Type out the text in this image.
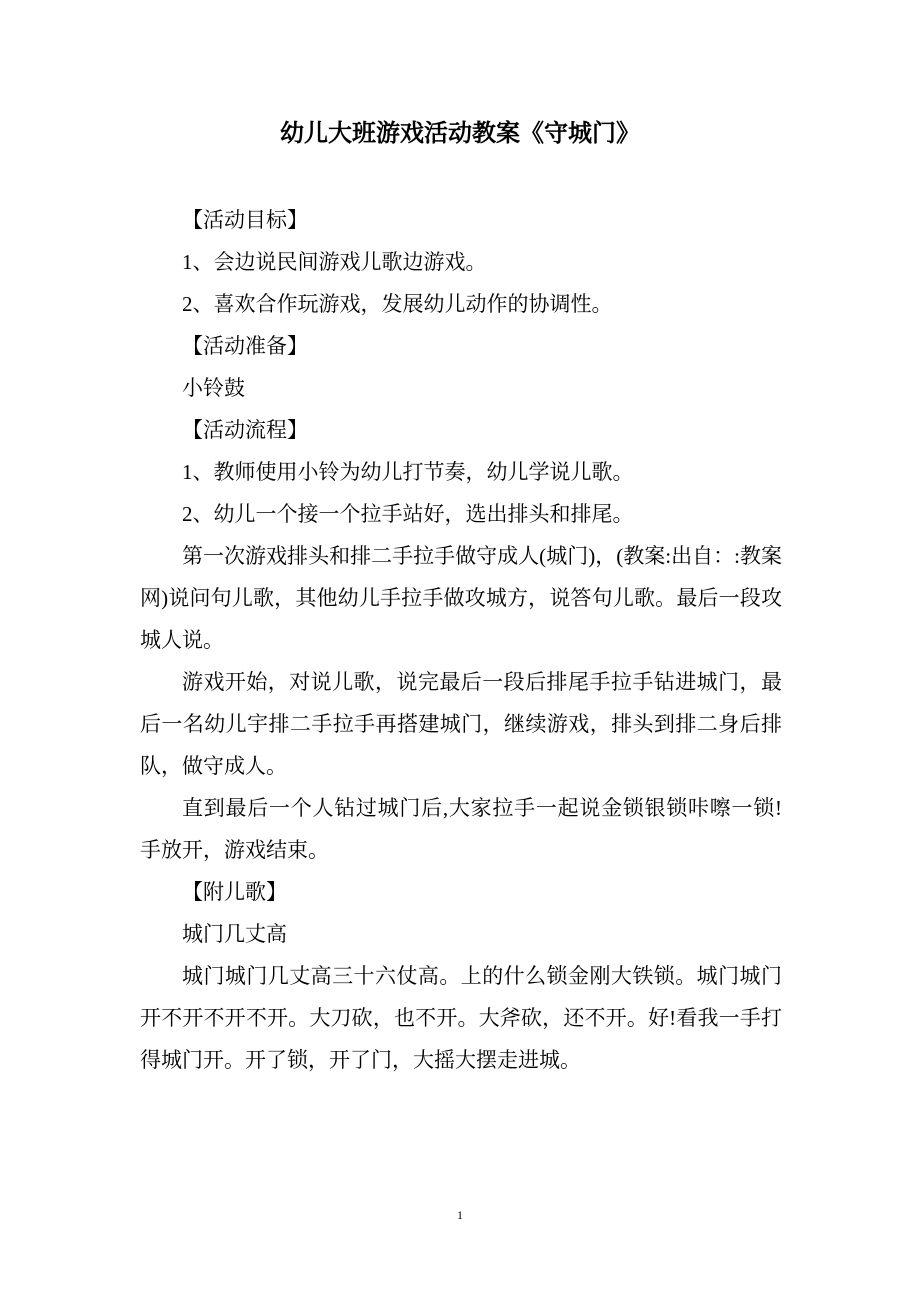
幼儿大班游戏活动教案《守城门》

【活动目标】

1、会边说民间游戏儿歌边游戏。

2、喜欢合作玩游戏，发展幼儿动作的协调性。

【活动准备】

小铃鼓

【活动流程】

1、教师使用小铃为幼儿打节奏，幼儿学说儿歌。

2、幼儿一个接一个拉手站好，选出排头和排尾。

第一次游戏排头和排二手拉手做守成人(城门)，(教案:出自：:教案网)说问句儿歌，其他幼儿手拉手做攻城方，说答句儿歌。最后一段攻城人说。

游戏开始，对说儿歌，说完最后一段后排尾手拉手钻进城门，最后一名幼儿宇排二手拉手再搭建城门，继续游戏，排头到排二身后排队，做守成人。

直到最后一个人钻过城门后,大家拉手一起说金锁银锁咔嚓一锁!手放开，游戏结束。

【附儿歌】

城门几丈高

城门城门几丈高三十六仗高。上的什么锁金刚大铁锁。城门城门开不开不开不开。大刀砍，也不开。大斧砍，还不开。好!看我一手打得城门开。开了锁，开了门，大摇大摆走进城。

1
